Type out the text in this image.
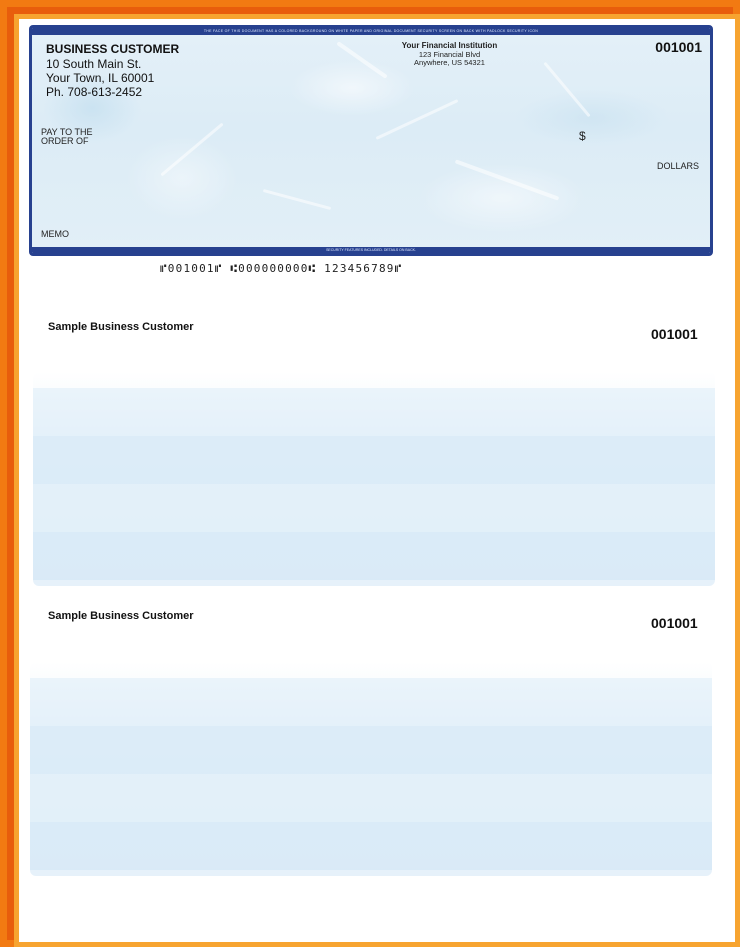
THE FACE OF THIS DOCUMENT HAS A COLORED BACKGROUND ON WHITE PAPER AND ORIGINAL DOCUMENT SECURITY SCREEN ON BACK WITH PADLOCK SECURITY ICON
BUSINESS CUSTOMER
10 South Main St.
Your Town, IL 60001
Ph. 708-613-2452
Your Financial Institution
123 Financial Blvd
Anywhere, US 54321
001001
PAY TO THE
ORDER OF	$
DOLLARS
MEMO
SECURITY FEATURES INCLUDED. DETAILS ON BACK.
⑈001001⑈ ⑆000000000⑆ 123456789⑈
Sample Business Customer	001001
Sample Business Customer	001001
